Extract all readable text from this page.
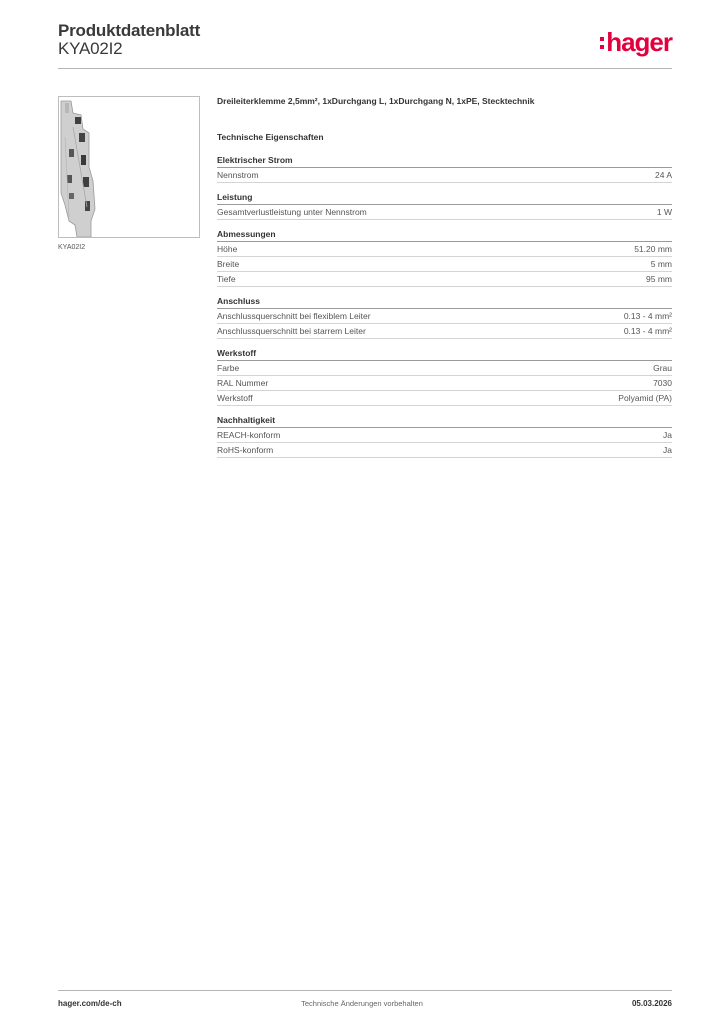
Produktdatenblatt
KYA02I2	hager
KYA02I2
Dreileiterklemme 2,5mm², 1xDurchgang L, 1xDurchgang N, 1xPE, Stecktechnik
Technische Eigenschaften
Elektrischer Strom
Nennstrom	24 A
Leistung
Gesamtverlustleistung unter Nennstrom	1 W
Abmessungen
Höhe	51.20 mm
Breite	5 mm
Tiefe	95 mm
Anschluss
Anschlussquerschnitt bei flexiblem Leiter	0.13 - 4 mm²
Anschlussquerschnitt bei starrem Leiter	0.13 - 4 mm²
Werkstoff
Farbe	Grau
RAL Nummer	7030
Werkstoff	Polyamid (PA)
Nachhaltigkeit
REACH-konform	Ja
RoHS-konform	Ja
hager.com/de-ch	Technische Änderungen vorbehalten	05.03.2026
